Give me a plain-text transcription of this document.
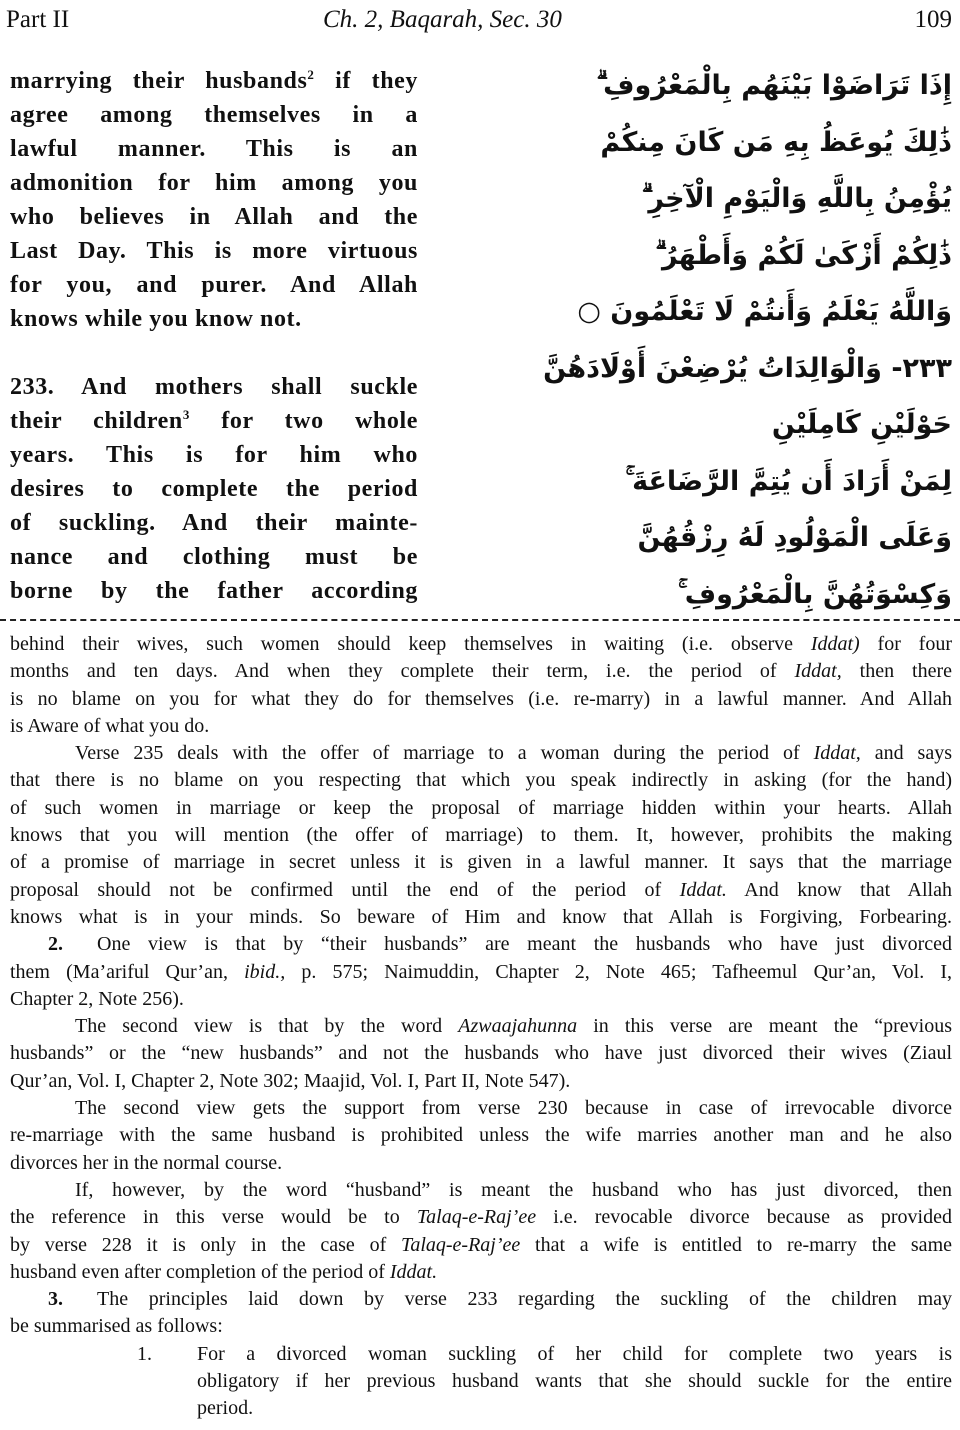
Part II	Ch. 2, Baqarah, Sec. 30	109
marrying their husbands$^2$ if they
agree among themselves in a
lawful manner. This is an
admonition for him among you
who believes in Allah and the
Last Day. This is more virtuous
for you, and purer. And Allah
knows while you know not.
233. And mothers shall suckle
their children$^3$ for two whole
years. This is for him who
desires to complete the period
of suckling. And their mainte-
nance and clothing must be
borne by the father according
إِذَا تَرَاضَوْا بَيْنَهُم بِالْمَعْرُوفِ ۗ
ذَٰلِكَ يُوعَظُ بِهِ مَن كَانَ مِنكُمْ
يُؤْمِنُ بِاللَّهِ وَالْيَوْمِ الْآخِرِ ۗ
ذَٰلِكُمْ أَزْكَىٰ لَكُمْ وَأَطْهَرُ ۗ
وَاللَّهُ يَعْلَمُ وَأَنتُمْ لَا تَعْلَمُونَ ○
٢٣٣- وَالْوَالِدَاتُ يُرْضِعْنَ أَوْلَادَهُنَّ
حَوْلَيْنِ كَامِلَيْنِ
لِمَنْ أَرَادَ أَن يُتِمَّ الرَّضَاعَةَ ۚ
وَعَلَى الْمَوْلُودِ لَهُ رِزْقُهُنَّ
وَكِسْوَتُهُنَّ بِالْمَعْرُوفِ ۚ
behind their wives, such women should keep themselves in waiting (i.e. observe Iddat) for four
months and ten days. And when they complete their term, i.e. the period of Iddat, then there
is no blame on you for what they do for themselves (i.e. re-marry) in a lawful manner. And Allah
is Aware of what you do.
Verse 235 deals with the offer of marriage to a woman during the period of Iddat, and says
that there is no blame on you respecting that which you speak indirectly in asking (for the hand)
of such women in marriage or keep the proposal of marriage hidden within your hearts. Allah
knows that you will mention (the offer of marriage) to them. It, however, prohibits the making
of a promise of marriage in secret unless it is given in a lawful manner. It says that the marriage
proposal should not be confirmed until the end of the period of Iddat. And know that Allah
knows what is in your minds. So beware of Him and know that Allah is Forgiving, Forbearing.
2. One view is that by “their husbands” are meant the husbands who have just divorced
them (Ma’ariful Qur’an, ibid., p. 575; Naimuddin, Chapter 2, Note 465; Tafheemul Qur’an, Vol. I,
Chapter 2, Note 256).
The second view is that by the word Azwaajahunna in this verse are meant the “previous
husbands” or the “new husbands” and not the husbands who have just divorced their wives (Ziaul
Qur’an, Vol. I, Chapter 2, Note 302; Maajid, Vol. I, Part II, Note 547).
The second view gets the support from verse 230 because in case of irrevocable divorce
re-marriage with the same husband is prohibited unless the wife marries another man and he also
divorces her in the normal course.
If, however, by the word “husband” is meant the husband who has just divorced, then
the reference in this verse would be to Talaq-e-Raj’ee i.e. revocable divorce because as provided
by verse 228 it is only in the case of Talaq-e-Raj’ee that a wife is entitled to re-marry the same
husband even after completion of the period of Iddat.
3. The principles laid down by verse 233 regarding the suckling of the children may
be summarised as follows:
1. For a divorced woman suckling of her child for complete two years is
obligatory if her previous husband wants that she should suckle for the entire
period.
